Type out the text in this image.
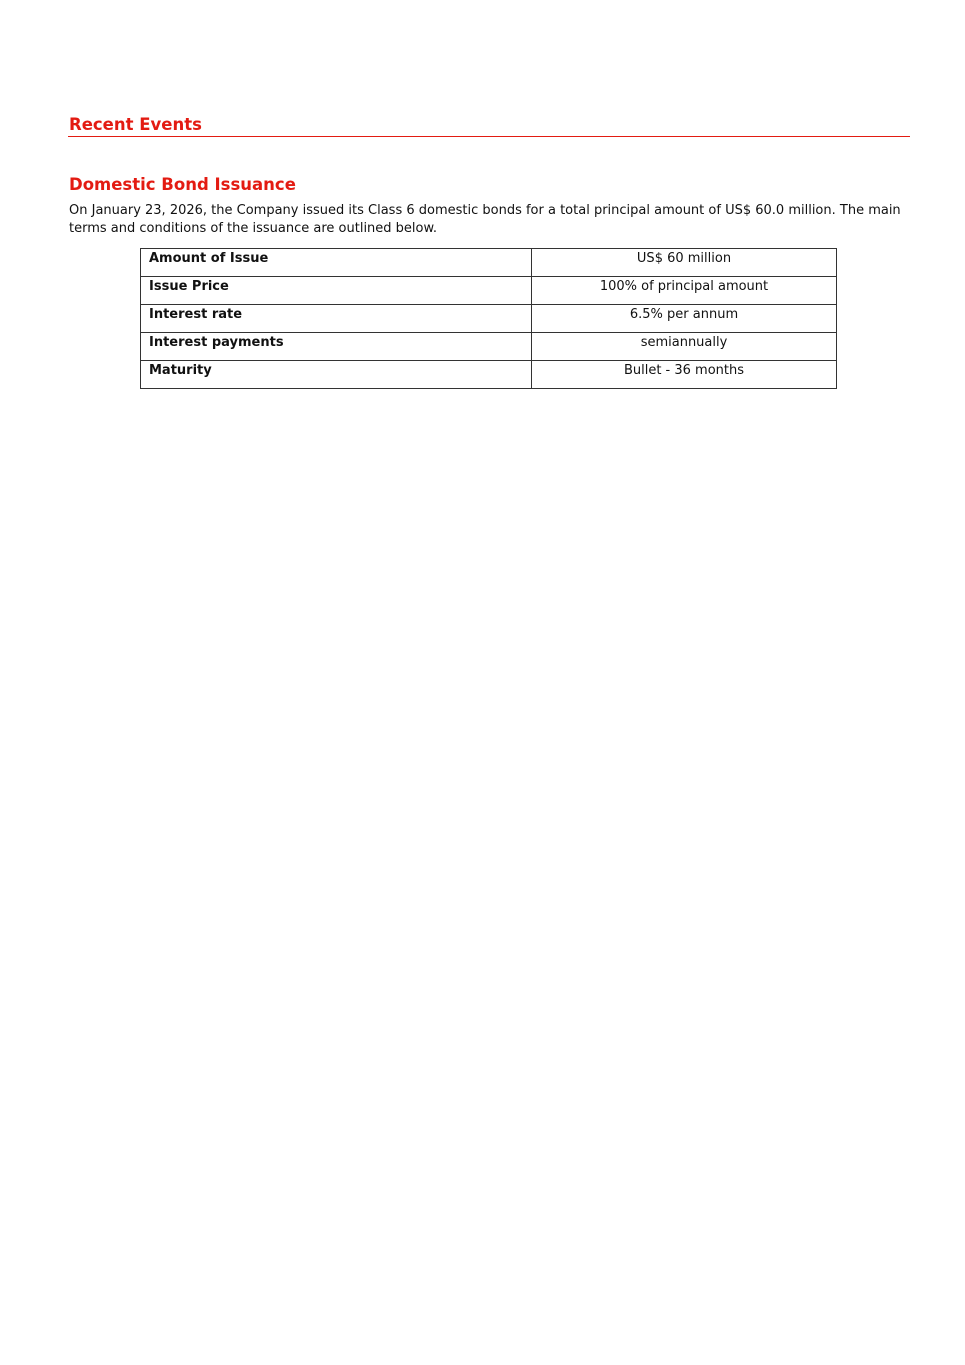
Recent Events
Domestic Bond Issuance

On January 23, 2026, the Company issued its Class 6 domestic bonds for a total principal amount of US$ 60.0 million. The main terms and conditions of the issuance are outlined below.

Amount of Issue	US$ 60 million
Issue Price	100% of principal amount
Interest rate	6.5% per annum
Interest payments	semiannually
Maturity	Bullet - 36 months
